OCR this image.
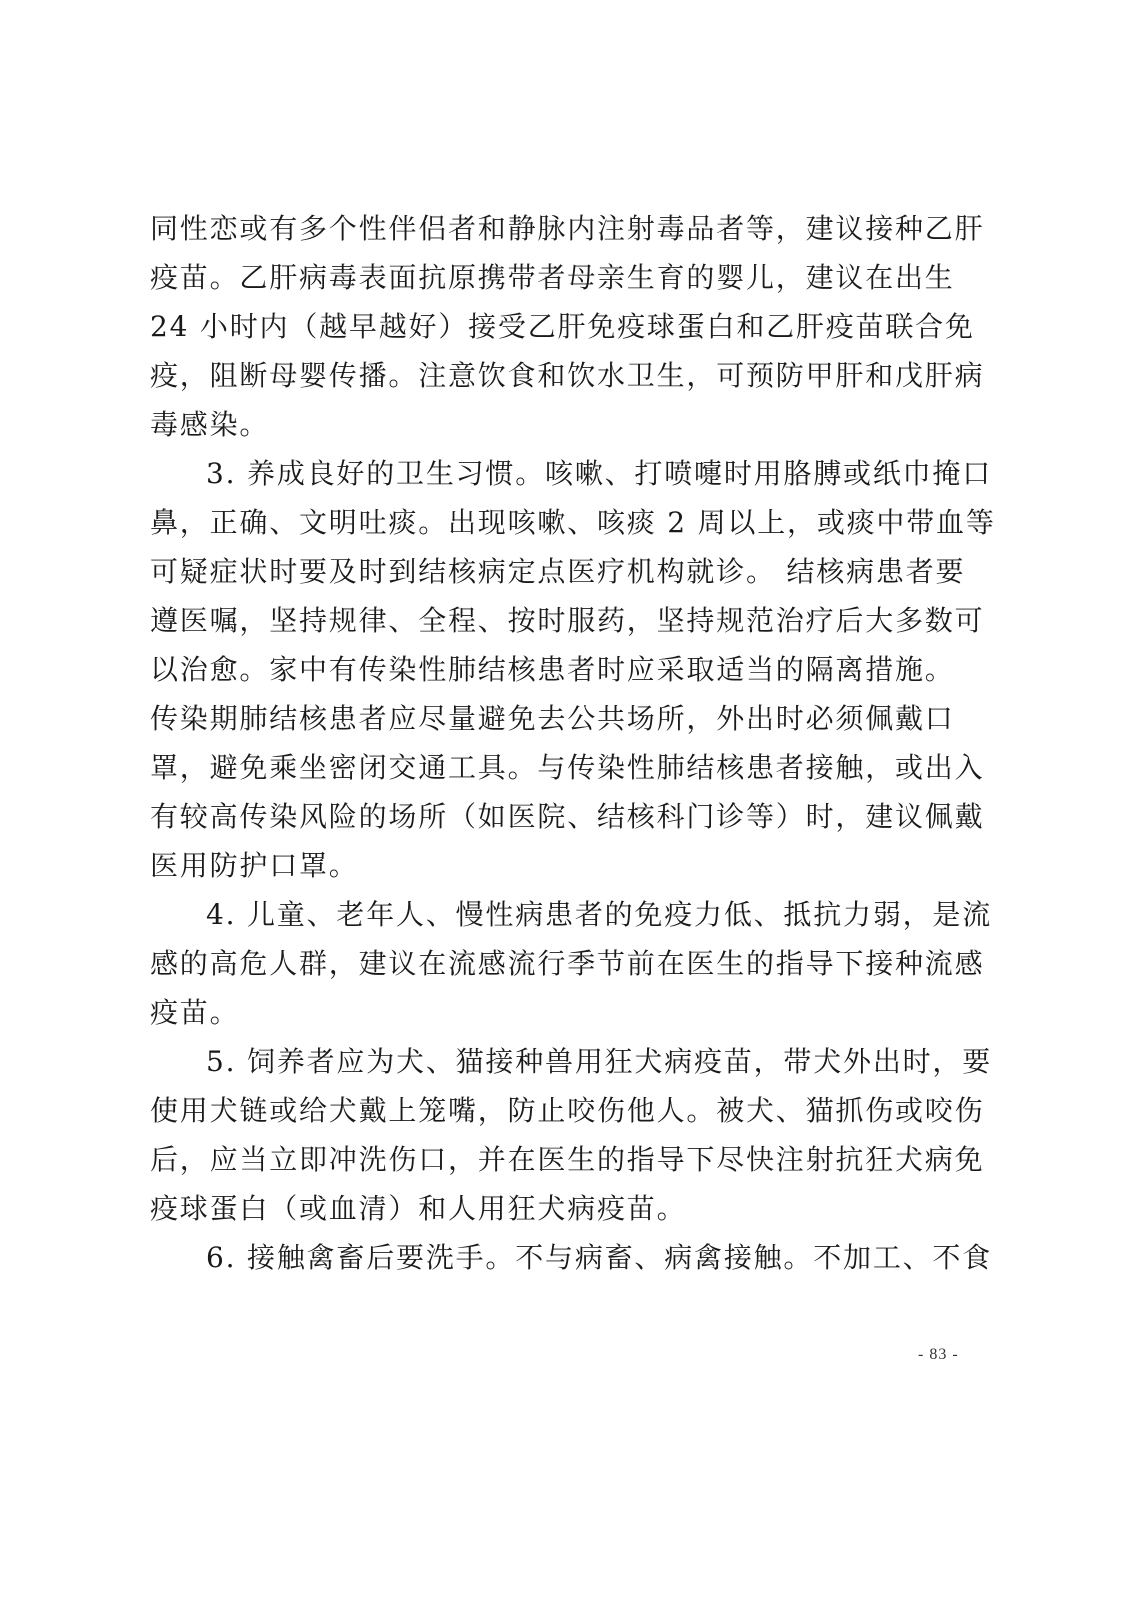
同性恋或有多个性伴侣者和静脉内注射毒品者等，建议接种乙肝
疫苗。乙肝病毒表面抗原携带者母亲生育的婴儿，建议在出生
24 小时内（越早越好）接受乙肝免疫球蛋白和乙肝疫苗联合免
疫，阻断母婴传播。注意饮食和饮水卫生，可预防甲肝和戊肝病
毒感染。
3. 养成良好的卫生习惯。咳嗽、打喷嚏时用胳膊或纸巾掩口
鼻，正确、文明吐痰。出现咳嗽、咳痰 2 周以上，或痰中带血等
可疑症状时要及时到结核病定点医疗机构就诊。 结核病患者要
遵医嘱，坚持规律、全程、按时服药，坚持规范治疗后大多数可
以治愈。家中有传染性肺结核患者时应采取适当的隔离措施。
传染期肺结核患者应尽量避免去公共场所，外出时必须佩戴口
罩，避免乘坐密闭交通工具。与传染性肺结核患者接触，或出入
有较高传染风险的场所（如医院、结核科门诊等）时，建议佩戴
医用防护口罩。
4. 儿童、老年人、慢性病患者的免疫力低、抵抗力弱，是流
感的高危人群，建议在流感流行季节前在医生的指导下接种流感
疫苗。
5. 饲养者应为犬、猫接种兽用狂犬病疫苗，带犬外出时，要
使用犬链或给犬戴上笼嘴，防止咬伤他人。被犬、猫抓伤或咬伤
后，应当立即冲洗伤口，并在医生的指导下尽快注射抗狂犬病免
疫球蛋白（或血清）和人用狂犬病疫苗。
6. 接触禽畜后要洗手。不与病畜、病禽接触。不加工、不食
- 83 -
